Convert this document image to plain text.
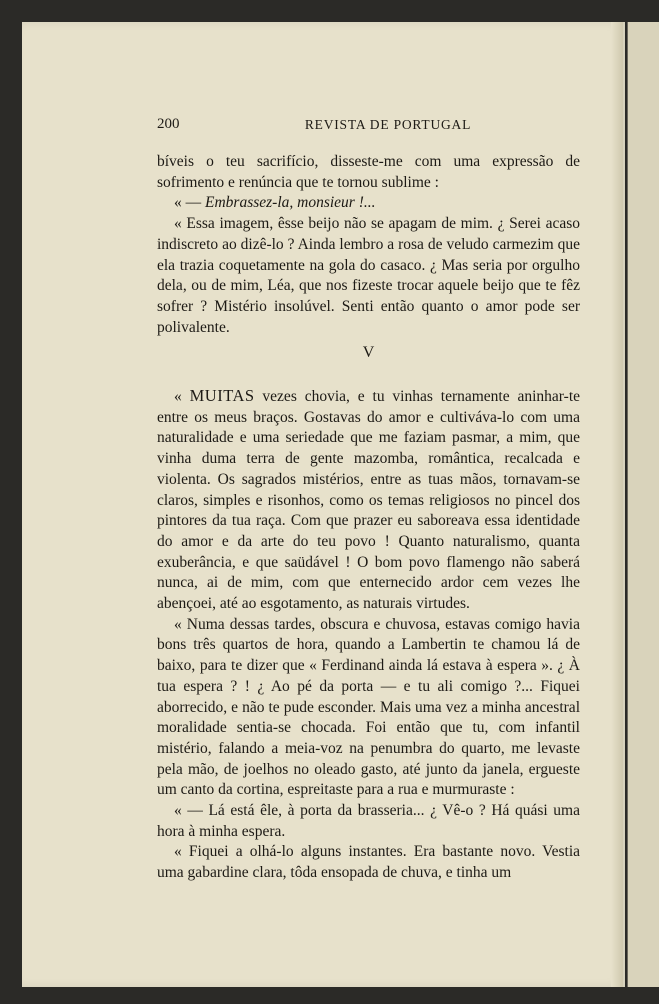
200	REVISTA DE PORTUGAL

bíveis o teu sacrifício, disseste-me com uma expressão de sofrimento e renúncia que te tornou sublime :

« — Embrassez-la, monsieur !...

« Essa imagem, êsse beijo não se apagam de mim. ¿ Serei acaso indiscreto ao dizê-lo ? Ainda lembro a rosa de veludo carmezim que ela trazia coquetamente na gola do casaco. ¿ Mas seria por orgulho dela, ou de mim, Léa, que nos fizeste trocar aquele beijo que te fêz sofrer ? Mistério insolúvel. Senti então quanto o amor pode ser polivalente.

V

« MUITAS vezes chovia, e tu vinhas ternamente aninhar-te entre os meus braços. Gostavas do amor e cultiváva-lo com uma naturalidade e uma seriedade que me faziam pasmar, a mim, que vinha duma terra de gente mazomba, romântica, recalcada e violenta. Os sagrados mistérios, entre as tuas mãos, tornavam-se claros, simples e risonhos, como os temas religiosos no pincel dos pintores da tua raça. Com que prazer eu saboreava essa identidade do amor e da arte do teu povo ! Quanto naturalismo, quanta exuberância, e que saüdável ! O bom povo flamengo não saberá nunca, ai de mim, com que enternecido ardor cem vezes lhe abençoei, até ao esgotamento, as naturais virtudes.

« Numa dessas tardes, obscura e chuvosa, estavas comigo havia bons três quartos de hora, quando a Lambertin te chamou lá de baixo, para te dizer que « Ferdinand ainda lá estava à espera ». ¿ À tua espera ? ! ¿ Ao pé da porta — e tu ali comigo ?... Fiquei aborrecido, e não te pude esconder. Mais uma vez a minha ancestral moralidade sentia-se chocada. Foi então que tu, com infantil mistério, falando a meia-voz na penumbra do quarto, me levaste pela mão, de joelhos no oleado gasto, até junto da janela, ergueste um canto da cortina, espreitaste para a rua e murmuraste :

« — Lá está êle, à porta da brasseria... ¿ Vê-o ? Há quási uma hora à minha espera.

« Fiquei a olhá-lo alguns instantes. Era bastante novo. Vestia uma gabardine clara, tôda ensopada de chuva, e tinha um
